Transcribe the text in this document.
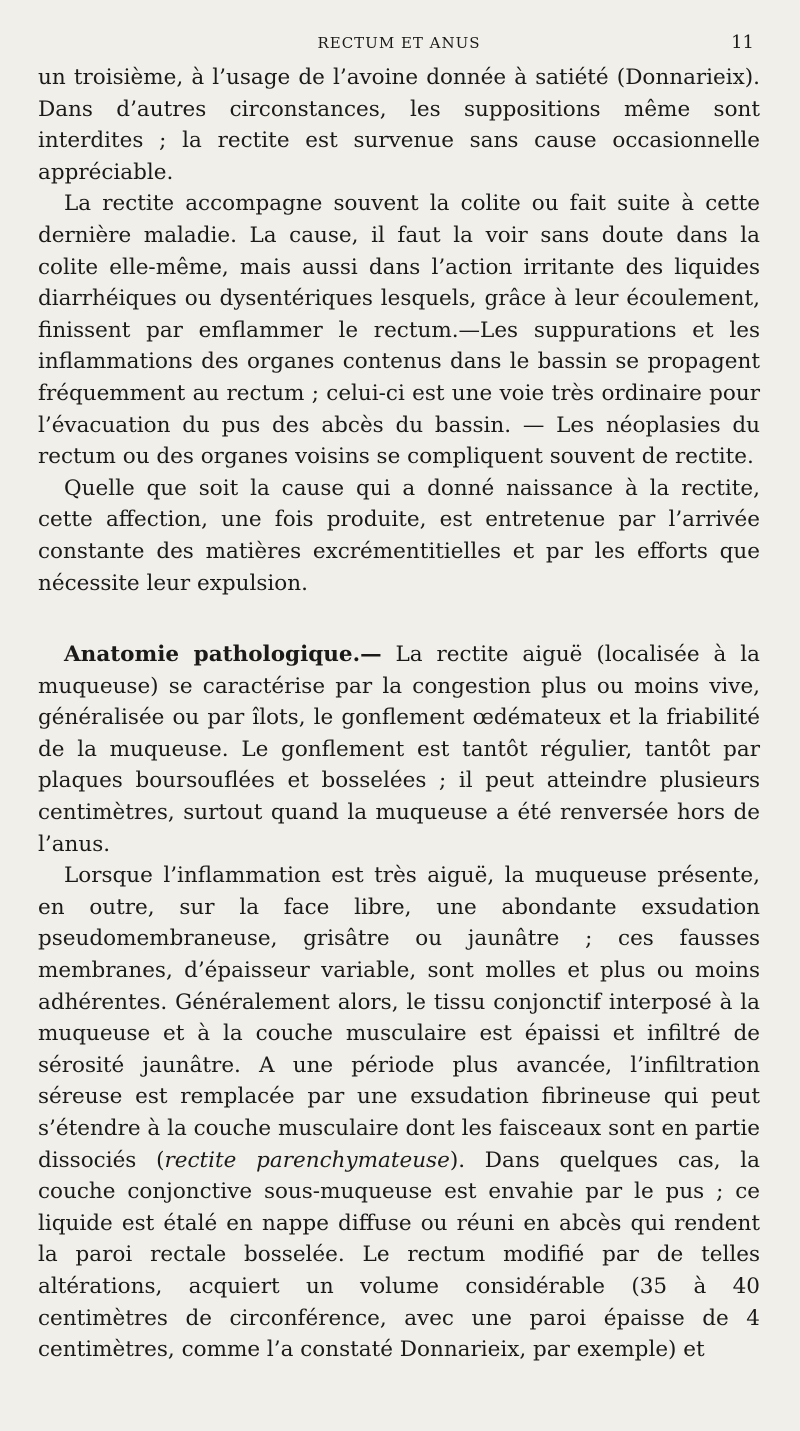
RECTUM ET ANUS	11

un troisième, à l’usage de l’avoine donnée à satiété (Donnarieix). Dans d’autres circonstances, les suppositions même sont interdites ; la rectite est survenue sans cause occasionnelle appréciable.

La rectite accompagne souvent la colite ou fait suite à cette dernière maladie. La cause, il faut la voir sans doute dans la colite elle-même, mais aussi dans l’action irritante des liquides diarrhéiques ou dysentériques lesquels, grâce à leur écoulement, finissent par emflammer le rectum.—Les suppurations et les inflammations des organes contenus dans le bassin se propagent fréquemment au rectum ; celui-ci est une voie très ordinaire pour l’évacuation du pus des abcès du bassin. — Les néoplasies du rectum ou des organes voisins se compliquent souvent de rectite.

Quelle que soit la cause qui a donné naissance à la rectite, cette affection, une fois produite, est entretenue par l’arrivée constante des matières excrémentitielles et par les efforts que nécessite leur expulsion.

Anatomie pathologique.— La rectite aiguë (localisée à la muqueuse) se caractérise par la congestion plus ou moins vive, généralisée ou par îlots, le gonflement œdémateux et la friabilité de la muqueuse. Le gonflement est tantôt régulier, tantôt par plaques boursouflées et bosselées ; il peut atteindre plusieurs centimètres, surtout quand la muqueuse a été renversée hors de l’anus.

Lorsque l’inflammation est très aiguë, la muqueuse présente, en outre, sur la face libre, une abondante exsudation pseudomembraneuse, grisâtre ou jaunâtre ; ces fausses membranes, d’épaisseur variable, sont molles et plus ou moins adhérentes. Généralement alors, le tissu conjonctif interposé à la muqueuse et à la couche musculaire est épaissi et infiltré de sérosité jaunâtre. A une période plus avancée, l’infiltration séreuse est remplacée par une exsudation fibrineuse qui peut s’étendre à la couche musculaire dont les faisceaux sont en partie dissociés (rectite parenchymateuse). Dans quelques cas, la couche conjonctive sous-muqueuse est envahie par le pus ; ce liquide est étalé en nappe diffuse ou réuni en abcès qui rendent la paroi rectale bosselée. Le rectum modifié par de telles altérations, acquiert un volume considérable (35 à 40 centimètres de circonférence, avec une paroi épaisse de 4 centimètres, comme l’a constaté Donnarieix, par exemple) et
